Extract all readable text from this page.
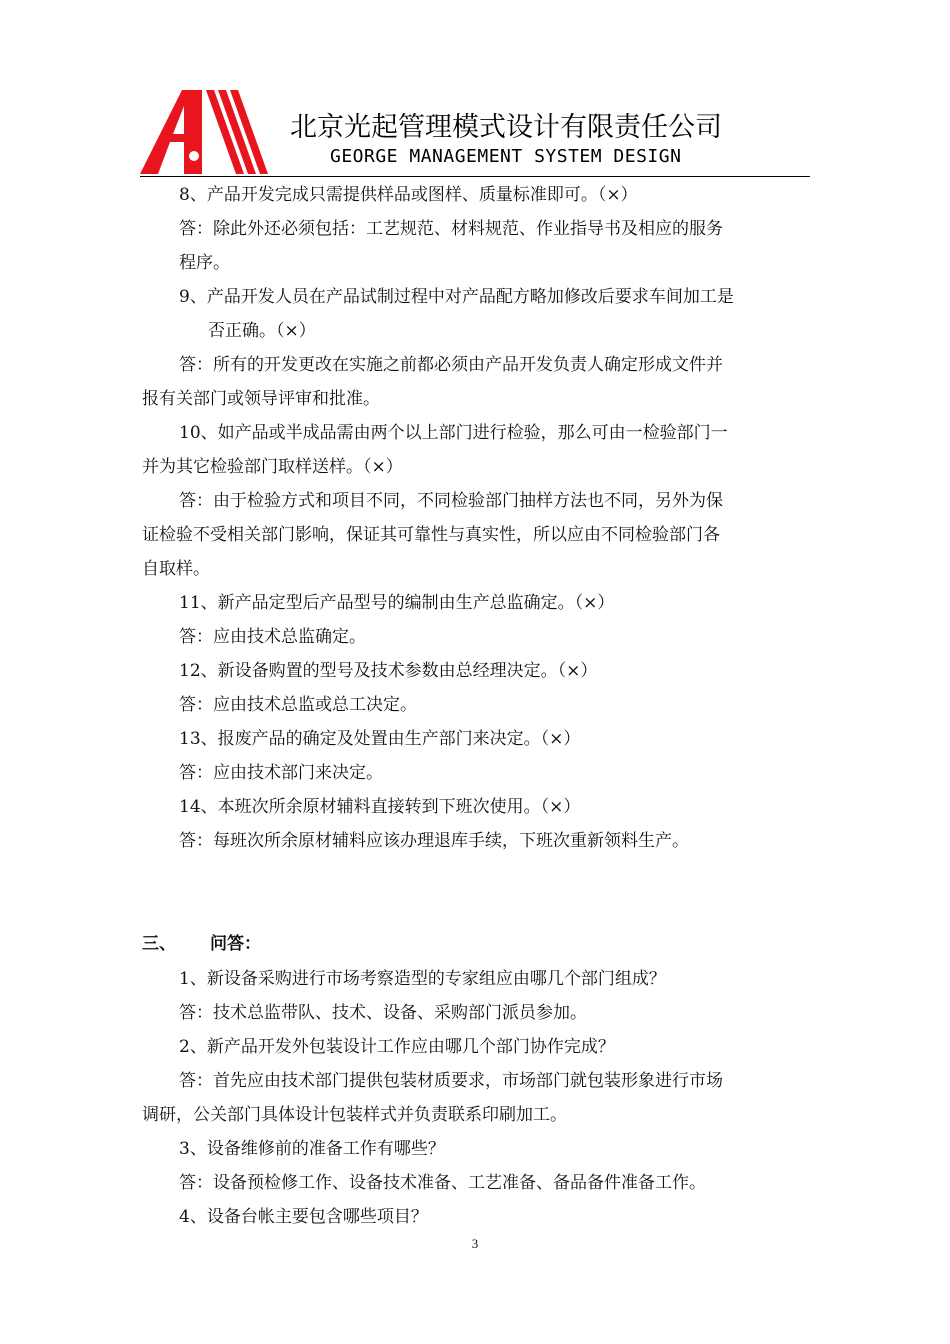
北京光起管理模式设计有限责任公司
GEORGE MANAGEMENT SYSTEM DESIGN
8、产品开发完成只需提供样品或图样、质量标准即可。（×）
答：除此外还必须包括：工艺规范、材料规范、作业指导书及相应的服务
程序。
9、产品开发人员在产品试制过程中对产品配方略加修改后要求车间加工是
否正确。（×）
答：所有的开发更改在实施之前都必须由产品开发负责人确定形成文件并
报有关部门或领导评审和批准。
10、如产品或半成品需由两个以上部门进行检验，那么可由一检验部门一
并为其它检验部门取样送样。（×）
答：由于检验方式和项目不同，不同检验部门抽样方法也不同，另外为保
证检验不受相关部门影响，保证其可靠性与真实性，所以应由不同检验部门各
自取样。
11、新产品定型后产品型号的编制由生产总监确定。（×）
答：应由技术总监确定。
12、新设备购置的型号及技术参数由总经理决定。（×）
答：应由技术总监或总工决定。
13、报废产品的确定及处置由生产部门来决定。（×）
答：应由技术部门来决定。
14、本班次所余原材辅料直接转到下班次使用。（×）
答：每班次所余原材辅料应该办理退库手续，下班次重新领料生产。
三、 问答：
1、新设备采购进行市场考察造型的专家组应由哪几个部门组成？
答：技术总监带队、技术、设备、采购部门派员参加。
2、新产品开发外包装设计工作应由哪几个部门协作完成？
答：首先应由技术部门提供包装材质要求，市场部门就包装形象进行市场
调研，公关部门具体设计包装样式并负责联系印刷加工。
3、设备维修前的准备工作有哪些？
答：设备预检修工作、设备技术准备、工艺准备、备品备件准备工作。
4、设备台帐主要包含哪些项目？
3
